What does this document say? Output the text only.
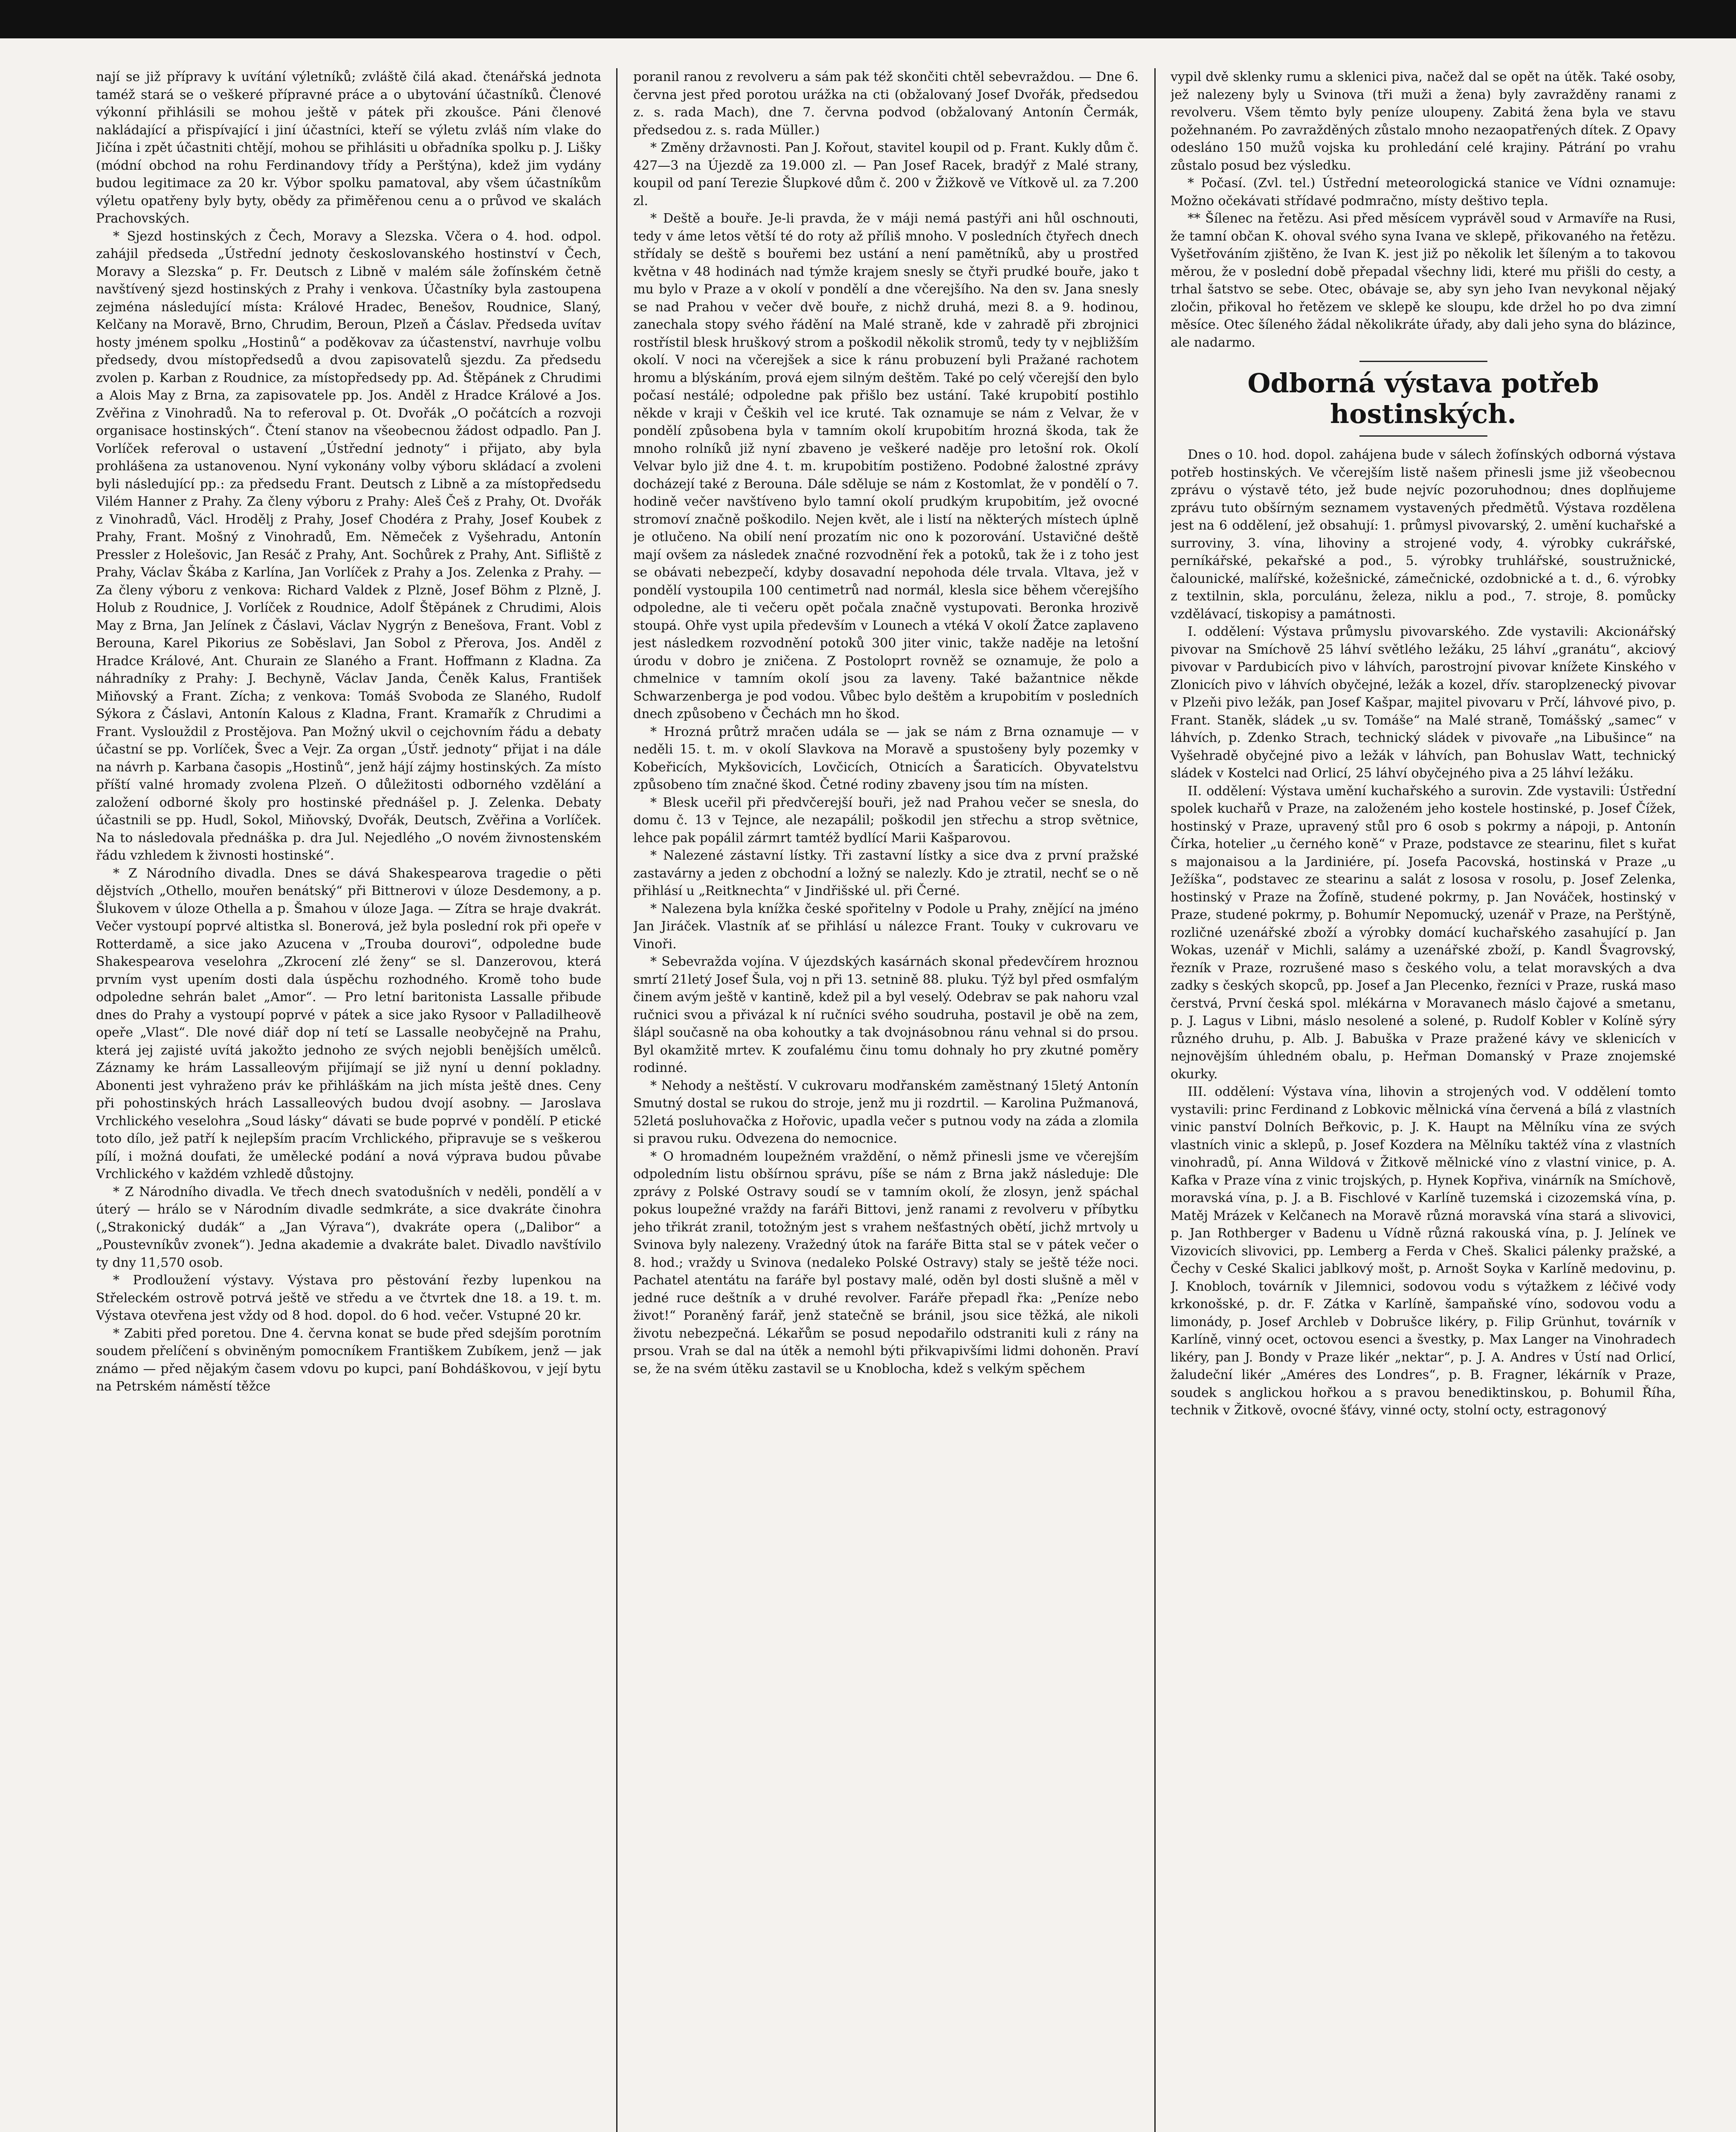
nají se již přípravy k uvítání výletníků; zvláště čilá akad. čtenářská jednota taméž stará se o veškeré přípravné práce a o ubytování účastníků. Členové výkonní přihlásili se mohou ještě v pátek při zkoušce. Páni členové nakládající a přispívající i jiní účastníci, kteří se výletu zvláš ním vlake do Jičína i zpět účastniti chtějí, mohou se přihlásiti u obřadníka spolku p. J. Lišky (módní obchod na rohu Ferdinandovy třídy a Perštýna), kdež jim vydány budou legitimace za 20 kr. Výbor spolku pamatoval, aby všem účastníkům výletu opatřeny byly byty, obědy za přiměřenou cenu a o průvod ve skalách Prachovských.

* Sjezd hostinských z Čech, Moravy a Slezska. Včera o 4. hod. odpol. zahájil předseda „Ústřední jednoty českoslovanského hostinství v Čech, Moravy a Slezska“ p. Fr. Deutsch z Libně v malém sále žofínském četně navštívený sjezd hostinských z Prahy i venkova. Účastníky byla zastoupena zejména následující místa: Králové Hradec, Benešov, Roudnice, Slaný, Kelčany na Moravě, Brno, Chrudim, Beroun, Plzeň a Čáslav. Předseda uvítav hosty jménem spolku „Hostinů“ a poděkovav za účastenství, navrhuje volbu předsedy, dvou místopředsedů a dvou zapisovatelů sjezdu. Za předsedu zvolen p. Karban z Roudnice, za místopředsedy pp. Ad. Štěpánek z Chrudimi a Alois May z Brna, za zapisovatele pp. Jos. Anděl z Hradce Králové a Jos. Zvěřina z Vinohradů. Na to referoval p. Ot. Dvořák „O počátcích a rozvoji organisace hostinských“. Čtení stanov na všeobecnou žádost odpadlo. Pan J. Vorlíček referoval o ustavení „Ústřední jednoty“ i přijato, aby byla prohlášena za ustanovenou. Nyní vykonány volby výboru skládací a zvoleni byli následující pp.: za předsedu Frant. Deutsch z Libně a za místopředsedu Vilém Hanner z Prahy. Za členy výboru z Prahy: Aleš Češ z Prahy, Ot. Dvořák z Vinohradů, Václ. Hrodělj z Prahy, Josef Chodéra z Prahy, Josef Koubek z Prahy, Frant. Mošný z Vinohradů, Em. Němeček z Vyšehradu, Antonín Pressler z Holešovic, Jan Resáč z Prahy, Ant. Sochůrek z Prahy, Ant. Sifliště z Prahy, Václav Škába z Karlína, Jan Vorlíček z Prahy a Jos. Zelenka z Prahy. — Za členy výboru z venkova: Richard Valdek z Plzně, Josef Böhm z Plzně, J. Holub z Roudnice, J. Vorlíček z Roudnice, Adolf Štěpánek z Chrudimi, Alois May z Brna, Jan Jelínek z Čáslavi, Václav Nygrýn z Benešova, Frant. Vobl z Berouna, Karel Pikorius ze Soběslavi, Jan Sobol z Přerova, Jos. Anděl z Hradce Králové, Ant. Churain ze Slaného a Frant. Hoffmann z Kladna. Za náhradníky z Prahy: J. Bechyně, Václav Janda, Čeněk Kalus, František Miňovský a Frant. Zícha; z venkova: Tomáš Svoboda ze Slaného, Rudolf Sýkora z Čáslavi, Antonín Kalous z Kladna, Frant. Kramařík z Chrudimi a Frant. Vyslouždil z Prostějova. Pan Možný ukvil o cejchovním řádu a debaty účastní se pp. Vorlíček, Švec a Vejr. Za organ „Ústř. jednoty“ přijat i na dále na návrh p. Karbana časopis „Hostinů“, jenž hájí zájmy hostinských. Za místo příští valné hromady zvolena Plzeň. O důležitosti odborného vzdělání a založení odborné školy pro hostinské přednášel p. J. Zelenka. Debaty účastnili se pp. Hudl, Sokol, Miňovský, Dvořák, Deutsch, Zvěřina a Vorlíček. Na to následovala přednáška p. dra Jul. Nejedlého „O novém živnostenském řádu vzhledem k živnosti hostinské“.

* Z Národního divadla. Dnes se dává Shakespearova tragedie o pěti dějstvích „Othello, mouřen benátský“ při Bittnerovi v úloze Desdemony, a p. Šlukovem v úloze Othella a p. Šmahou v úloze Jaga. — Zítra se hraje dvakrát. Večer vystoupí poprvé altistka sl. Bonerová, jež byla poslední rok při opeře v Rotterdamě, a sice jako Azucena v „Trouba dourovi“, odpoledne bude Shakespearova veselohra „Zkrocení zlé ženy“ se sl. Danzerovou, která prvním vyst upením dosti dala úspěchu rozhodného. Kromě toho bude odpoledne sehrán balet „Amor“. — Pro letní baritonista Lassalle přibude dnes do Prahy a vystoupí poprvé v pátek a sice jako Rysoor v Palladilheově opeře „Vlast“. Dle nové diář dop ní tetí se Lassalle neobyčejně na Prahu, která jej zajisté uvítá jakožto jednoho ze svých nejobli benějších umělců. Záznamy ke hrám Lassalleovým přijímají se již nyní u denní pokladny. Abonenti jest vyhraženo práv ke přihláškám na jich místa ještě dnes. Ceny při pohostinských hrách Lassalleových budou dvojí asobny. — Jaroslava Vrchlického veselohra „Soud lásky“ dávati se bude poprvé v pondělí. P etické toto dílo, jež patří k nejlepším pracím Vrchlického, připravuje se s veškerou pílí, i možná doufati, že umělecké podání a nová výprava budou půvabe Vrchlického v každém vzhledě důstojny.

* Z Národního divadla. Ve třech dnech svatodušních v neděli, pondělí a v úterý — hrálo se v Národním divadle sedmkráte, a sice dvakráte činohra („Strakonický dudák“ a „Jan Výrava“), dvakráte opera („Dalibor“ a „Poustevníkův zvonek“). Jedna akademie a dvakráte balet. Divadlo navštívilo ty dny 11,570 osob.

* Prodloužení výstavy. Výstava pro pěstování řezby lupenkou na Střeleckém ostrově potrvá ještě ve středu a ve čtvrtek dne 18. a 19. t. m. Výstava otevřena jest vždy od 8 hod. dopol. do 6 hod. večer. Vstupné 20 kr.

* Zabiti před poretou. Dne 4. června konat se bude před sdejším porotním soudem přelíčení s obviněným pomocníkem Františkem Zubíkem, jenž — jak známo — před nějakým časem vdovu po kupci, paní Bohdáškovou, v její bytu na Petrském náměstí těžce

poranil ranou z revolveru a sám pak též skončiti chtěl sebevraždou. — Dne 6. června jest před porotou urážka na cti (obžalovaný Josef Dvořák, předsedou z. s. rada Mach), dne 7. června podvod (obžalovaný Antonín Čermák, předsedou z. s. rada Müller.)

* Změny državnosti. Pan J. Kořout, stavitel koupil od p. Frant. Kukly dům č. 427—3 na Újezdě za 19.000 zl. — Pan Josef Racek, bradýř z Malé strany, koupil od paní Terezie Šlupkové dům č. 200 v Žižkově ve Vítkově ul. za 7.200 zl.

* Deště a bouře. Je-li pravda, že v máji nemá pastýři ani hůl oschnouti, tedy v áme letos větší té do roty až příliš mnoho. V posledních čtyřech dnech střídaly se deště s bouřemi bez ustání a není pamětníků, aby u prostřed května v 48 hodinách nad týmže krajem snesly se čtyři prudké bouře, jako t mu bylo v Praze a v okolí v pondělí a dne včerejšího. Na den sv. Jana snesly se nad Prahou v večer dvě bouře, z nichž druhá, mezi 8. a 9. hodinou, zanechala stopy svého řádění na Malé straně, kde v zahradě při zbrojnici rostřístil blesk hruškový strom a poškodil několik stromů, tedy ty v nejbližším okolí. V noci na včerejšek a sice k ránu probuzení byli Pražané rachotem hromu a blýskáním, prová ejem silným deštěm. Také po celý včerejší den bylo počasí nestálé; odpoledne pak přišlo bez ustání. Také krupobití postihlo někde v kraji v Čeških vel ice kruté. Tak oznamuje se nám z Velvar, že v pondělí způsobena byla v tamním okolí krupobitím hrozná škoda, tak že mnoho rolníků již nyní zbaveno je veškeré naděje pro letošní rok. Okolí Velvar bylo již dne 4. t. m. krupobitím postiženo. Podobné žalostné zprávy docházejí také z Berouna. Dále sděluje se nám z Kostomlat, že v pondělí o 7. hodině večer navštíveno bylo tamní okolí prudkým krupobitím, jež ovocné stromoví značně poškodilo. Nejen květ, ale i listí na některých místech úplně je otlučeno. Na obilí není prozatím nic ono k pozorování. Ustavičné deště mají ovšem za následek značné rozvodnění řek a potoků, tak že i z toho jest se obávati nebezpečí, kdyby dosavadní nepohoda déle trvala. Vltava, jež v pondělí vystoupila 100 centimetrů nad normál, klesla sice během včerejšího odpoledne, ale ti večeru opět počala značně vystupovati. Beronka hrozivě stoupá. Ohře vyst upila především v Lounech a vtéká V okolí Žatce zaplaveno jest následkem rozvodnění potoků 300 jiter vinic, takže naděje na letošní úrodu v dobro je zničena. Z Postoloprt rovněž se oznamuje, že polo a chmelnice v tamním okolí jsou za laveny. Také bažantnice někde Schwarzenberga je pod vodou. Vůbec bylo deštěm a krupobitím v posledních dnech způsobeno v Čechách mn ho škod.

* Hrozná průtrž mračen udála se — jak se nám z Brna oznamuje — v neděli 15. t. m. v okolí Slavkova na Moravě a spustošeny byly pozemky v Kobeřicích, Mykšovicích, Lovčicích, Otnicích a Šaraticích. Obyvatelstvu způsobeno tím značné škod. Četné rodiny zbaveny jsou tím na místen.

* Blesk uceřil při předvčerejší bouři, jež nad Prahou večer se snesla, do domu č. 13 v Tejnce, ale nezapálil; poškodil jen střechu a strop světnice, lehce pak popálil zármrt tamtéž bydlící Marii Kašparovou.

* Nalezené zástavní lístky. Tři zastavní lístky a sice dva z první pražské zastavárny a jeden z obchodní a ložný se nalezly. Kdo je ztratil, nechť se o ně přihlásí u „Reitknechta“ v Jindřišské ul. při Černé.

* Nalezena byla knížka české spořitelny v Podole u Prahy, znějící na jméno Jan Jiráček. Vlastník ať se přihlásí u nálezce Frant. Touky v cukrovaru ve Vinoři.

* Sebevražda vojína. V újezdských kasárnách skonal předevčírem hroznou smrtí 21letý Josef Šula, voj n při 13. setnině 88. pluku. Týž byl před osmfalým činem avým ještě v kantině, kdež pil a byl veselý. Odebrav se pak nahoru vzal ručnici svou a přivázal k ní ručníci svého soudruha, postavil je obě na zem, šlápl současně na oba kohoutky a tak dvojnásobnou ránu vehnal si do prsou. Byl okamžitě mrtev. K zoufalému činu tomu dohnaly ho pry zkutné poměry rodinné.

* Nehody a neštěstí. V cukrovaru modřanském zaměstnaný 15letý Antonín Smutný dostal se rukou do stroje, jenž mu ji rozdrtil. — Karolina Pužmanová, 52letá posluhovačka z Hořovic, upadla večer s putnou vody na záda a zlomila si pravou ruku. Odvezena do nemocnice.

* O hromadném loupežném vraždění, o němž přinesli jsme ve včerejším odpoledním listu obšírnou správu, píše se nám z Brna jakž následuje: Dle zprávy z Polské Ostravy soudí se v tamním okolí, že zlosyn, jenž spáchal pokus loupežné vraždy na faráři Bittovi, jenž ranami z revolveru v příbytku jeho třikrát zranil, totožným jest s vrahem nešťastných obětí, jichž mrtvoly u Svinova byly nalezeny. Vražedný útok na faráře Bitta stal se v pátek večer o 8. hod.; vraždy u Svinova (nedaleko Polské Ostravy) staly se ještě téže noci. Pachatel atentátu na faráře byl postavy malé, oděn byl dosti slušně a měl v jedné ruce deštník a v druhé revolver. Faráře přepadl řka: „Peníze nebo život!“ Poraněný farář, jenž statečně se bránil, jsou sice těžká, ale nikoli životu nebezpečná. Lékařům se posud nepodařilo odstraniti kuli z rány na prsou. Vrah se dal na útěk a nemohl býti přikvapivšími lidmi dohoněn. Praví se, že na svém útěku zastavil se u Knoblocha, kdež s velkým spěchem

vypil dvě sklenky rumu a sklenici piva, načež dal se opět na útěk. Také osoby, jež nalezeny byly u Svinova (tři muži a žena) byly zavražděny ranami z revolveru. Všem těmto byly peníze uloupeny. Zabitá žena byla ve stavu požehnaném. Po zavražděných zůstalo mnoho nezaopatřených dítek. Z Opavy odesláno 150 mužů vojska ku prohledání celé krajiny. Pátrání po vrahu zůstalo posud bez výsledku.

* Počasí. (Zvl. tel.) Ústřední meteorologická stanice ve Vídni oznamuje: Možno očekávati střídavé podmračno, místy deštivo tepla.

** Šílenec na řetězu. Asi před měsícem vyprávěl soud v Armavíře na Rusi, že tamní občan K. ohoval svého syna Ivana ve sklepě, přikovaného na řetězu. Vyšetřováním zjištěno, že Ivan K. jest již po několik let šíleným a to takovou měrou, že v poslední době přepadal všechny lidi, které mu přišli do cesty, a trhal šatstvo se sebe. Otec, obávaje se, aby syn jeho Ivan nevykonal nějaký zločin, přikoval ho řetězem ve sklepě ke sloupu, kde držel ho po dva zimní měsíce. Otec šíleného žádal několikráte úřady, aby dali jeho syna do blázince, ale nadarmo.

Odborná výstava potřeb hostinských.

Dnes o 10. hod. dopol. zahájena bude v sálech žofínských odborná výstava potřeb hostinských. Ve včerejším listě našem přinesli jsme již všeobecnou zprávu o výstavě této, jež bude nejvíc pozoruhodnou; dnes doplňujeme zprávu tuto obšírným seznamem vystavených předmětů. Výstava rozdělena jest na 6 oddělení, jež obsahují: 1. průmysl pivovarský, 2. umění kuchařské a surroviny, 3. vína, lihoviny a strojené vody, 4. výrobky cukrářské, perníkářské, pekařské a pod., 5. výrobky truhlářské, soustružnické, čalounické, malířské, kožešnické, zámečnické, ozdobnické a t. d., 6. výrobky z textilnin, skla, porculánu, železa, niklu a pod., 7. stroje, 8. pomůcky vzdělávací, tiskopisy a památnosti.

I. oddělení: Výstava průmyslu pivovarského. Zde vystavili: Akcionářský pivovar na Smíchově 25 láhví světlého ležáku, 25 láhví „granátu“, akciový pivovar v Pardubicích pivo v láhvích, parostrojní pivovar knížete Kinského v Zlonicích pivo v láhvích obyčejné, ležák a kozel, dřív. staroplzenecký pivovar v Plzeňi pivo ležák, pan Josef Kašpar, majitel pivovaru v Prčí, láhvové pivo, p. Frant. Staněk, sládek „u sv. Tomáše“ na Malé straně, Tomášský „samec“ v láhvích, p. Zdenko Strach, technický sládek v pivovaře „na Libušince“ na Vyšehradě obyčejné pivo a ležák v láhvích, pan Bohuslav Watt, technický sládek v Kostelci nad Orlicí, 25 láhví obyčejného piva a 25 láhví ležáku.

II. oddělení: Výstava umění kuchařského a surovin. Zde vystavili: Ústřední spolek kuchařů v Praze, na založeném jeho kostele hostinské, p. Josef Čížek, hostinský v Praze, upravený stůl pro 6 osob s pokrmy a nápoji, p. Antonín Čírka, hotelier „u černého koně“ v Praze, podstavce ze stearinu, filet s kuřat s majonaisou a la Jardiniére, pí. Josefa Pacovská, hostinská v Praze „u Ježíška“, podstavec ze stearinu a salát z lososa v rosolu, p. Josef Zelenka, hostinský v Praze na Žofíně, studené pokrmy, p. Jan Nováček, hostinský v Praze, studené pokrmy, p. Bohumír Nepomucký, uzenář v Praze, na Perštýně, rozličné uzenářské zboží a výrobky domácí kuchařského zasahující p. Jan Wokas, uzenář v Michli, salámy a uzenářské zboží, p. Kandl Švagrovský, řezník v Praze, rozrušené maso s českého volu, a telat moravských a dva zadky s českých skopců, pp. Josef a Jan Plecenko, řezníci v Praze, ruská maso čerstvá, První česká spol. mlékárna v Moravanech máslo čajové a smetanu, p. J. Lagus v Libni, máslo nesolené a solené, p. Rudolf Kobler v Kolíně sýry různého druhu, p. Alb. J. Babuška v Praze pražené kávy ve sklenicích v nejnovějším úhledném obalu, p. Heřman Domanský v Praze znojemské okurky.

III. oddělení: Výstava vína, lihovin a strojených vod. V oddělení tomto vystavili: princ Ferdinand z Lobkovic mělnická vína červená a bílá z vlastních vinic panství Dolních Beřkovic, p. J. K. Haupt na Mělníku vína ze svých vlastních vinic a sklepů, p. Josef Kozdera na Mělníku taktéž vína z vlastních vinohradů, pí. Anna Wildová v Žitkově mělnické víno z vlastní vinice, p. A. Kafka v Praze vína z vinic trojských, p. Hynek Kopřiva, vinárník na Smíchově, moravská vína, p. J. a B. Fischlové v Karlíně tuzemská i cizozemská vína, p. Matěj Mrázek v Kelčanech na Moravě různá moravská vína stará a slivovici, p. Jan Rothberger v Badenu u Vídně různá rakouská vína, p. J. Jelínek ve Vizovicích slivovici, pp. Lemberg a Ferda v Cheš. Skalici pálenky pražské, a Čechy v Ceské Skalici jablkový mošt, p. Arnošt Soyka v Karlíně medovinu, p. J. Knobloch, továrník v Jilemnici, sodovou vodu s výtažkem z léčivé vody krkonošské, p. dr. F. Zátka v Karlíně, šampaňské víno, sodovou vodu a limonády, p. Josef Archleb v Dobrušce likéry, p. Filip Grünhut, továrník v Karlíně, vinný ocet, octovou esenci a švestky, p. Max Langer na Vinohradech likéry, pan J. Bondy v Praze likér „nektar“, p. J. A. Andres v Ústí nad Orlicí, žaludeční likér „Améres des Londres“, p. B. Fragner, lékárník v Praze, soudek s anglickou hořkou a s pravou benediktinskou, p. Bohumil Říha, technik v Žitkově, ovocné šťávy, vinné octy, stolní octy, estragonový
